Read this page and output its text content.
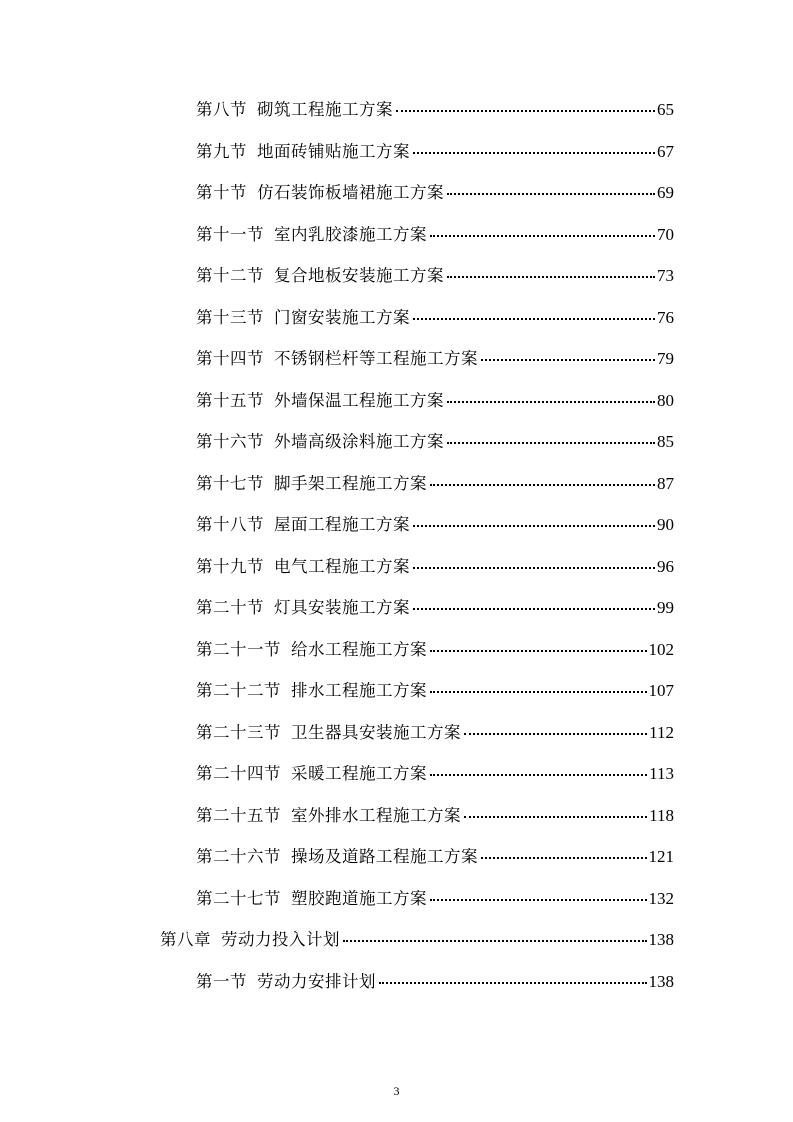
第八节 砌筑工程施工方案	65
第九节 地面砖铺贴施工方案	67
第十节 仿石装饰板墙裙施工方案	69
第十一节 室内乳胶漆施工方案	70
第十二节 复合地板安装施工方案	73
第十三节 门窗安装施工方案	76
第十四节 不锈钢栏杆等工程施工方案	79
第十五节 外墙保温工程施工方案	80
第十六节 外墙高级涂料施工方案	85
第十七节 脚手架工程施工方案	87
第十八节 屋面工程施工方案	90
第十九节 电气工程施工方案	96
第二十节 灯具安装施工方案	99
第二十一节 给水工程施工方案	102
第二十二节 排水工程施工方案	107
第二十三节 卫生器具安装施工方案	112
第二十四节 采暖工程施工方案	113
第二十五节 室外排水工程施工方案	118
第二十六节 操场及道路工程施工方案	121
第二十七节 塑胶跑道施工方案	132
第八章 劳动力投入计划	138
第一节 劳动力安排计划	138
3
